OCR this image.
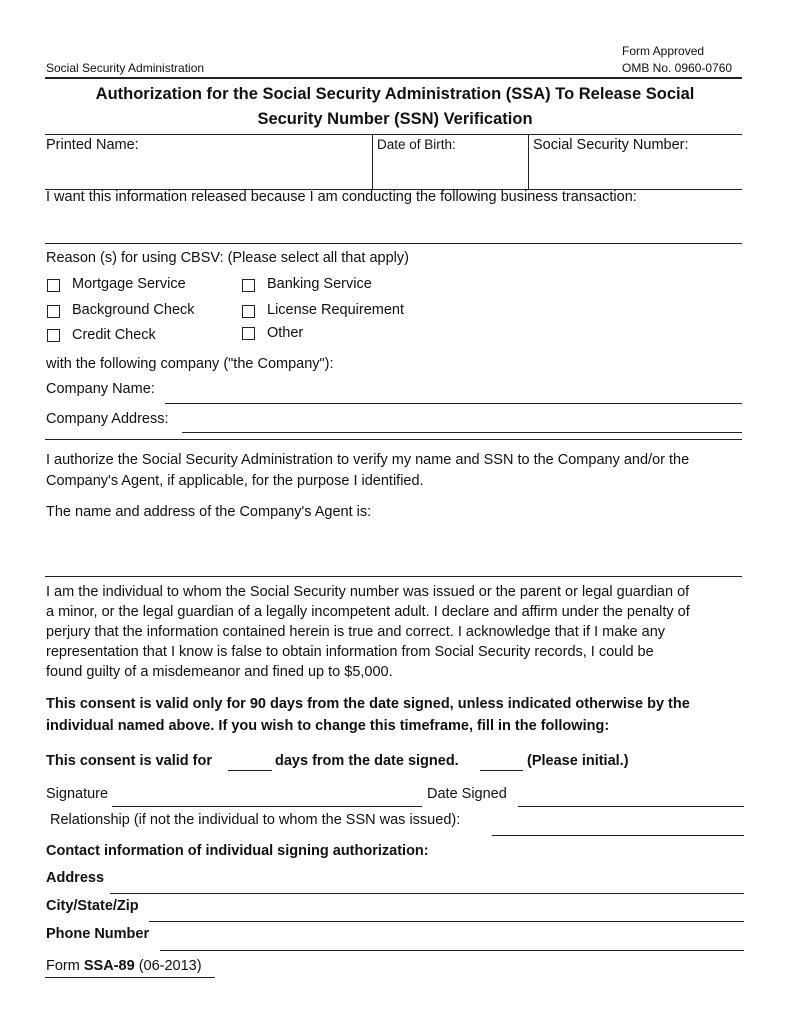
Form Approved
Social Security Administration	OMB No. 0960-0760
Authorization for the Social Security Administration (SSA) To Release Social
Security Number (SSN) Verification
Printed Name:	Date of Birth:	Social Security Number:
I want this information released because I am conducting the following business transaction:
Reason (s) for using CBSV: (Please select all that apply)
Mortgage Service	Banking Service
Background Check	License Requirement
Credit Check	Other
with the following company ("the Company"):
Company Name:
Company Address:
I authorize the Social Security Administration to verify my name and SSN to the Company and/or the
Company's Agent, if applicable, for the purpose I identified.
The name and address of the Company's Agent is:
I am the individual to whom the Social Security number was issued or the parent or legal guardian of
a minor, or the legal guardian of a legally incompetent adult. I declare and affirm under the penalty of
perjury that the information contained herein is true and correct. I acknowledge that if I make any
representation that I know is false to obtain information from Social Security records, I could be
found guilty of a misdemeanor and fined up to $5,000.
This consent is valid only for 90 days from the date signed, unless indicated otherwise by the
individual named above. If you wish to change this timeframe, fill in the following:
This consent is valid for	days from the date signed.	(Please initial.)
Signature	Date Signed
Relationship (if not the individual to whom the SSN was issued):
Contact information of individual signing authorization:
Address
City/State/Zip
Phone Number
Form SSA-89 (06-2013)
